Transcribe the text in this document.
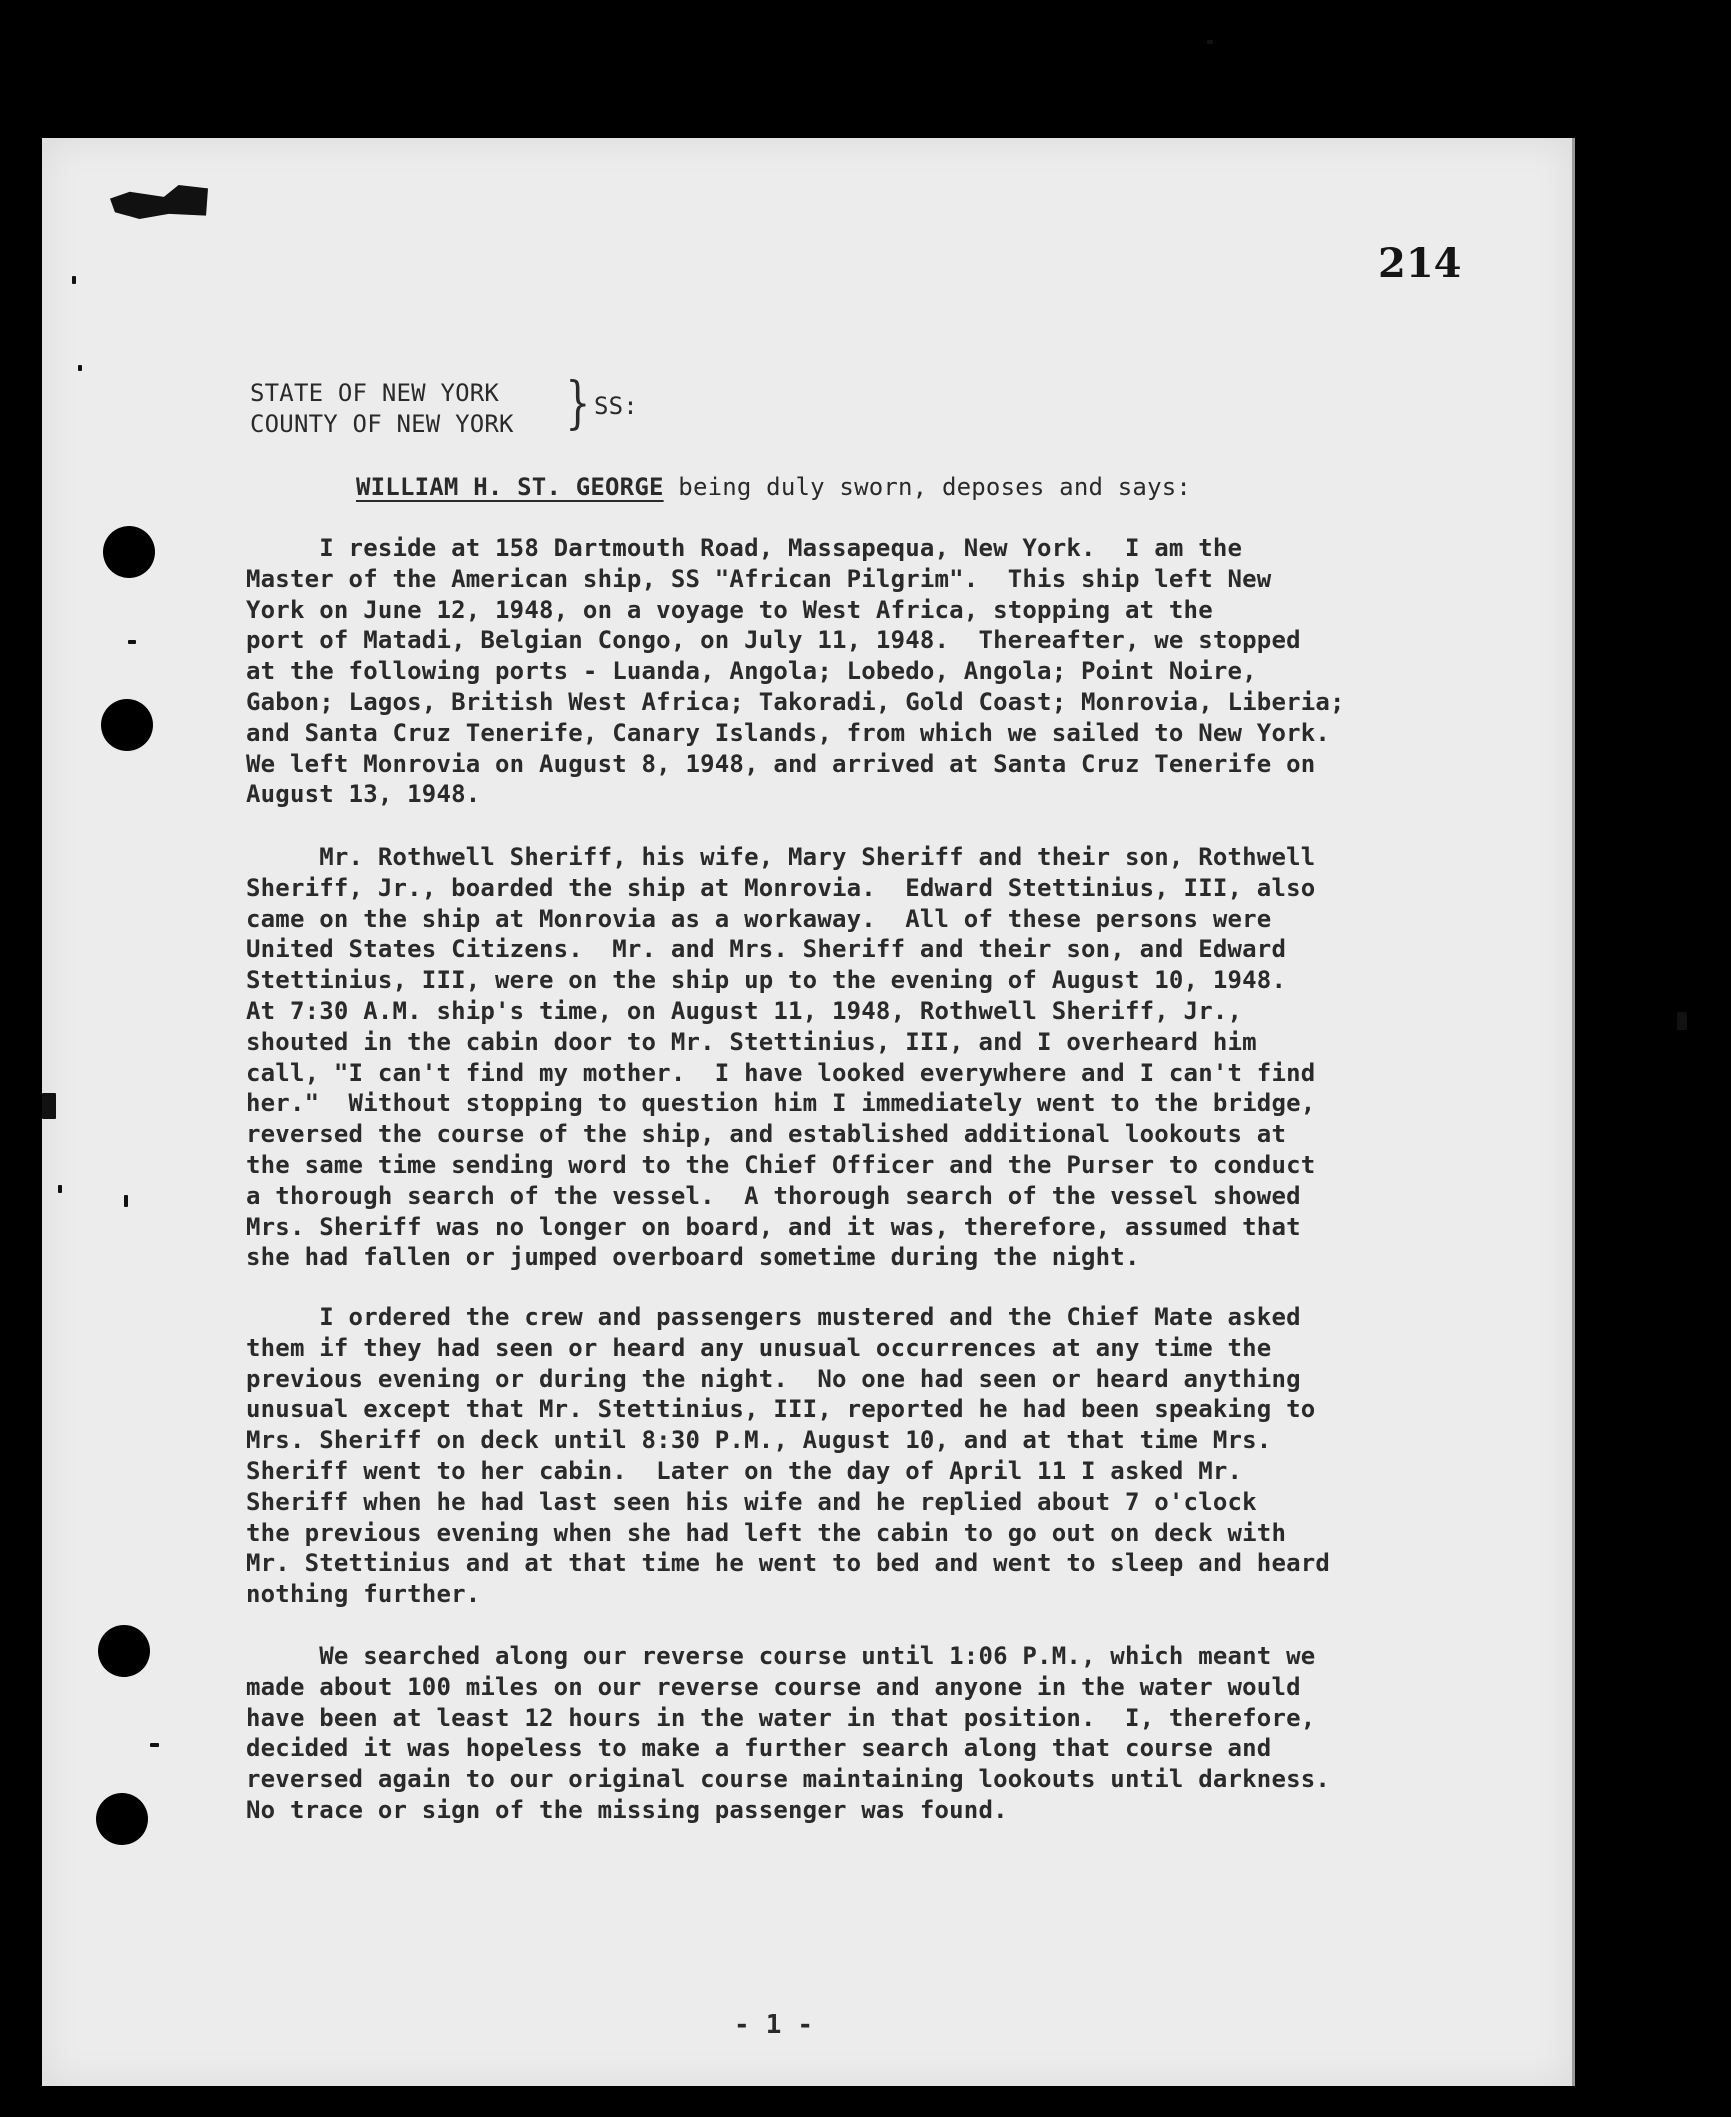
214
STATE OF NEW YORK
COUNTY OF NEW YORK } SS:
WILLIAM H. ST. GEORGE being duly sworn, deposes and says:

I reside at 158 Dartmouth Road, Massapequa, New York.  I am the
Master of the American ship, SS "African Pilgrim".  This ship left New
York on June 12, 1948, on a voyage to West Africa, stopping at the
port of Matadi, Belgian Congo, on July 11, 1948.  Thereafter, we stopped
at the following ports - Luanda, Angola; Lobedo, Angola; Point Noire,
Gabon; Lagos, British West Africa; Takoradi, Gold Coast; Monrovia, Liberia;
and Santa Cruz Tenerife, Canary Islands, from which we sailed to New York.
We left Monrovia on August 8, 1948, and arrived at Santa Cruz Tenerife on
August 13, 1948.

Mr. Rothwell Sheriff, his wife, Mary Sheriff and their son, Rothwell
Sheriff, Jr., boarded the ship at Monrovia.  Edward Stettinius, III, also
came on the ship at Monrovia as a workaway.  All of these persons were
United States Citizens.  Mr. and Mrs. Sheriff and their son, and Edward
Stettinius, III, were on the ship up to the evening of August 10, 1948.
At 7:30 A.M. ship's time, on August 11, 1948, Rothwell Sheriff, Jr.,
shouted in the cabin door to Mr. Stettinius, III, and I overheard him
call, "I can't find my mother.  I have looked everywhere and I can't find
her."  Without stopping to question him I immediately went to the bridge,
reversed the course of the ship, and established additional lookouts at
the same time sending word to the Chief Officer and the Purser to conduct
a thorough search of the vessel.  A thorough search of the vessel showed
Mrs. Sheriff was no longer on board, and it was, therefore, assumed that
she had fallen or jumped overboard sometime during the night.

I ordered the crew and passengers mustered and the Chief Mate asked
them if they had seen or heard any unusual occurrences at any time the
previous evening or during the night.  No one had seen or heard anything
unusual except that Mr. Stettinius, III, reported he had been speaking to
Mrs. Sheriff on deck until 8:30 P.M., August 10, and at that time Mrs.
Sheriff went to her cabin.  Later on the day of April 11 I asked Mr.
Sheriff when he had last seen his wife and he replied about 7 o'clock
the previous evening when she had left the cabin to go out on deck with
Mr. Stettinius and at that time he went to bed and went to sleep and heard
nothing further.

We searched along our reverse course until 1:06 P.M., which meant we
made about 100 miles on our reverse course and anyone in the water would
have been at least 12 hours in the water in that position.  I, therefore,
decided it was hopeless to make a further search along that course and
reversed again to our original course maintaining lookouts until darkness.
No trace or sign of the missing passenger was found.

- 1 -
